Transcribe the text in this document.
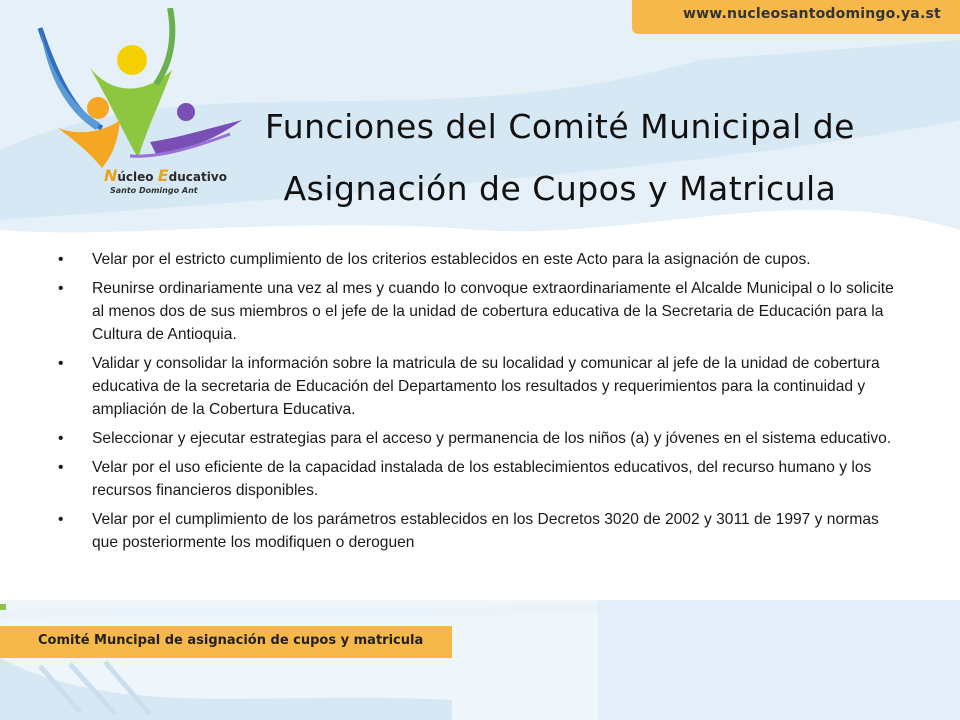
www.nucleosantodomingo.ya.st
Núcleo Educativo
Santo Domingo Ant
Funciones del Comité Municipal de
Asignación de Cupos y Matricula
• Velar por el estricto cumplimiento de los criterios establecidos en este Acto para la asignación de cupos.
• Reunirse ordinariamente una vez al mes y cuando lo convoque extraordinariamente el Alcalde Municipal o lo solicite al menos dos de sus miembros o el jefe de la unidad de cobertura educativa de la Secretaria de Educación para la Cultura de Antioquia.
• Validar y consolidar la información sobre la matricula de su localidad y comunicar al jefe de la unidad de cobertura educativa de la secretaria de Educación del Departamento los resultados y requerimientos para la continuidad y ampliación de la Cobertura Educativa.
• Seleccionar y ejecutar estrategias para el acceso y permanencia de los niños (a) y jóvenes en el sistema educativo.
• Velar por el uso eficiente de la capacidad instalada de los establecimientos educativos, del recurso humano y los recursos financieros disponibles.
• Velar por el cumplimiento de los parámetros establecidos en los Decretos 3020 de 2002 y 3011 de 1997 y normas que posteriormente los modifiquen o deroguen
Comité Muncipal de asignación de cupos y matricula
